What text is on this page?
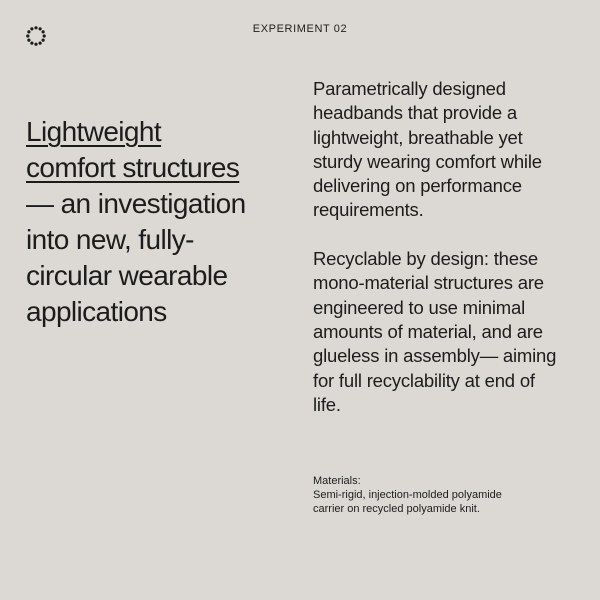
EXPERIMENT 02
Lightweight
comfort structures
— an investigation
into new, fully-
circular wearable
applications

Parametrically designed
headbands that provide a
lightweight, breathable yet
sturdy wearing comfort while
delivering on performance
requirements.

Recyclable by design: these
mono-material structures are
engineered to use minimal
amounts of material, and are
glueless in assembly— aiming
for full recyclability at end of
life.

Materials:
Semi-rigid, injection-molded polyamide
carrier on recycled polyamide knit.
